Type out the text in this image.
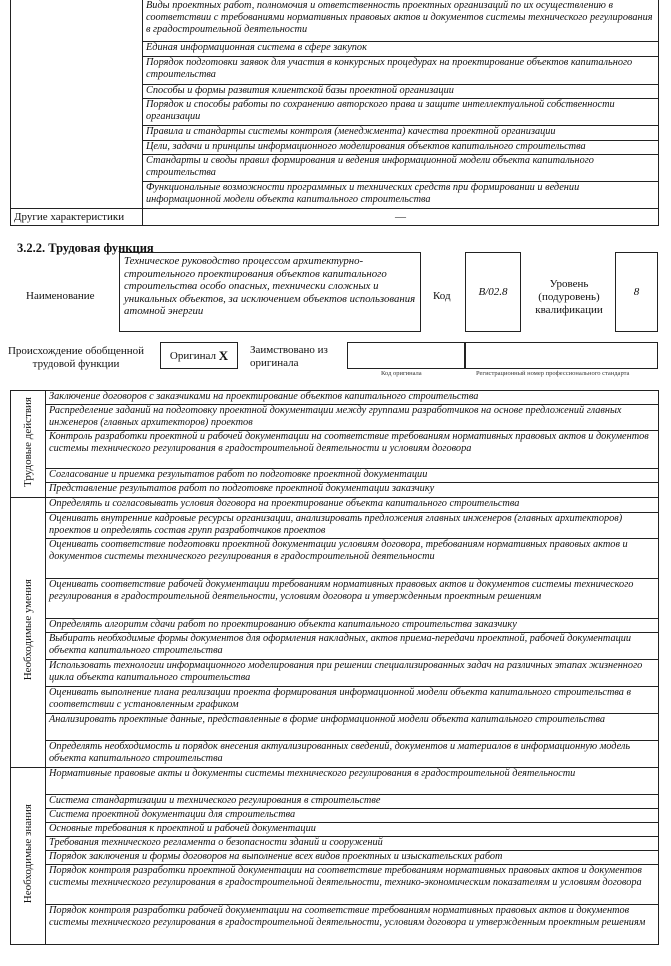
	Виды проектных работ, полномочия и ответственность проектных организаций по их осуществлению в соответствии с требованиями нормативных правовых актов и документов системы технического регулирования в градостроительной деятельности
	Единая информационная система в сфере закупок
	Порядок подготовки заявок для участия в конкурсных процедурах на проектирование объектов капитального строительства
	Способы и формы развития клиентской базы проектной организации
	Порядок и способы работы по сохранению авторского права и защите интеллектуальной собственности организации
	Правила и стандарты системы контроля (менеджмента) качества проектной организации
	Цели, задачи и принципы информационного моделирования объектов капитального строительства
	Стандарты и своды правил формирования и ведения информационной модели объекта капитального строительства
	Функциональные возможности программных и технических средств при формировании и ведении информационной модели объекта капитального строительства
Другие характеристики	—
3.2.2. Трудовая функция
Наименование
Техническое руководство процессом архитектурно-строительного проектирования объектов капитального строительства особо опасных, технически сложных и уникальных объектов, за исключением объектов использования атомной энергии
Код	B/02.8
Уровень (подуровень) квалификации
8
Происхождение обобщенной трудовой функции
Оригинал
X Заимствовано из оригинала
Код оригинала	Регистрационный номер профессионального стандарта
Трудовые действия	Заключение договоров с заказчиками на проектирование объектов капитального строительства
	Распределение заданий на подготовку проектной документации между группами разработчиков на основе предложений главных инженеров (главных архитекторов) проектов
	Контроль разработки проектной и рабочей документации на соответствие требованиям нормативных правовых актов и документов системы технического регулирования в градостроительной деятельности и условиям договора
	Согласование и приемка результатов работ по подготовке проектной документации
	Представление результатов работ по подготовке проектной документации заказчику
Необходимые умения	Определять и согласовывать условия договора на проектирование объекта капитального строительства
	Оценивать внутренние кадровые ресурсы организации, анализировать предложения главных инженеров (главных архитекторов) проектов и определять состав групп разработчиков проектов
	Оценивать соответствие подготовки проектной документации условиям договора, требованиям нормативных правовых актов и документов системы технического регулирования в градостроительной деятельности
	Оценивать соответствие рабочей документации требованиям нормативных правовых актов и документов системы технического регулирования в градостроительной деятельности, условиям договора и утвержденным проектным решениям
	Определять алгоритм сдачи работ по проектированию объекта капитального строительства заказчику
	Выбирать необходимые формы документов для оформления накладных, актов приема-передачи проектной, рабочей документации объекта капитального строительства
	Использовать технологии информационного моделирования при решении специализированных задач на различных этапах жизненного цикла объекта капитального строительства
	Оценивать выполнение плана реализации проекта формирования информационной модели объекта капитального строительства в соответствии с установленным графиком
	Анализировать проектные данные, представленные в форме информационной модели объекта капитального строительства
	Определять необходимость и порядок внесения актуализированных сведений, документов и материалов в информационную модель объекта капитального строительства
Необходимые знания	Нормативные правовые акты и документы системы технического регулирования в градостроительной деятельности
	Система стандартизации и технического регулирования в строительстве
	Система проектной документации для строительства
	Основные требования к проектной и рабочей документации
	Требования технического регламента о безопасности зданий и сооружений
	Порядок заключения и формы договоров на выполнение всех видов проектных и изыскательских работ
	Порядок контроля разработки проектной документации на соответствие требованиям нормативных правовых актов и документов системы технического регулирования в градостроительной деятельности, технико-экономическим показателям и условиям договора
	Порядок контроля разработки рабочей документации на соответствие требованиям нормативных правовых актов и документов системы технического регулирования в градостроительной деятельности, условиям договора и утвержденным проектным решениям
